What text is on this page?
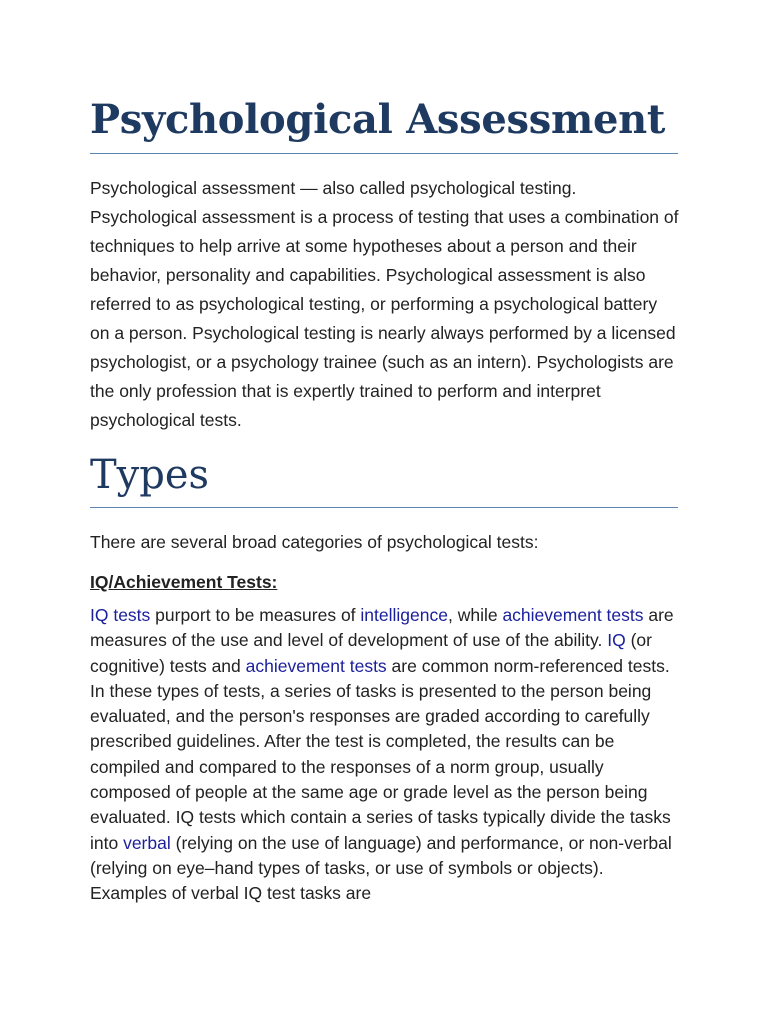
Psychological Assessment

Psychological assessment — also called psychological testing. Psychological assessment is a process of testing that uses a combination of techniques to help arrive at some hypotheses about a person and their behavior, personality and capabilities. Psychological assessment is also referred to as psychological testing, or performing a psychological battery on a person. Psychological testing is nearly always performed by a licensed psychologist, or a psychology trainee (such as an intern). Psychologists are the only profession that is expertly trained to perform and interpret psychological tests.

Types

There are several broad categories of psychological tests:

IQ/Achievement Tests:

IQ tests purport to be measures of intelligence, while achievement tests are measures of the use and level of development of use of the ability. IQ (or cognitive) tests and achievement tests are common norm-referenced tests. In these types of tests, a series of tasks is presented to the person being evaluated, and the person's responses are graded according to carefully prescribed guidelines. After the test is completed, the results can be compiled and compared to the responses of a norm group, usually composed of people at the same age or grade level as the person being evaluated. IQ tests which contain a series of tasks typically divide the tasks into verbal (relying on the use of language) and performance, or non-verbal (relying on eye–hand types of tasks, or use of symbols or objects). Examples of verbal IQ test tasks are
